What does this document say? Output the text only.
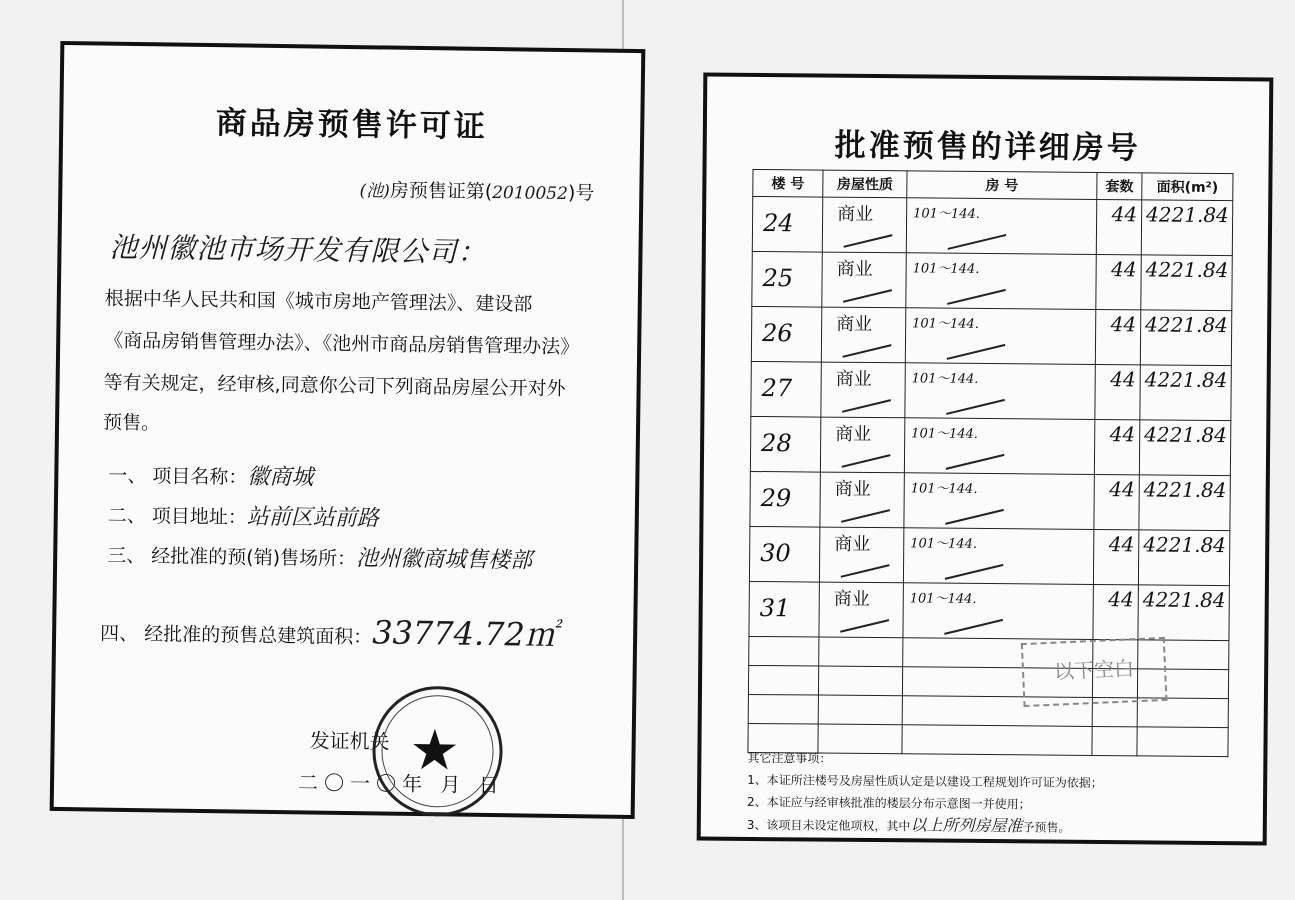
商品房预售许可证
(池)房预售证第(2010052)号
池州徽池市场开发有限公司：
根据中华人民共和国《城市房地产管理法》、建设部
《商品房销售管理办法》、《池州市商品房销售管理办法》
等有关规定，经审核,同意你公司下列商品房屋公开对外
预售。
一、 项目名称：徽商城
二、 项目地址：站前区站前路
三、 经批准的预(销)售场所：池州徽商城售楼部
四、 经批准的预售总建筑面积：33774.72㎡
发证机关
二〇一〇年 月 日
★
批准预售的详细房号
楼 号	房屋性质	房 号	套数	面积(m²)

24	商业	101～144.	44	4221.84

25	商业	101～144.	44	4221.84

26	商业	101～144.	44	4221.84

27	商业	101～144.	44	4221.84

28	商业	101～144.	44	4221.84

29	商业	101～144.	44	4221.84

30	商业	101～144.	44	4221.84

31	商业	101～144.	44	4221.84

以下空白
其它注意事项：
1、本证所注楼号及房屋性质认定是以建设工程规划许可证为依据；
2、本证应与经审核批准的楼层分布示意图一并使用；
3、该项目未设定他项权，其中以上所列房屋准予预售。
